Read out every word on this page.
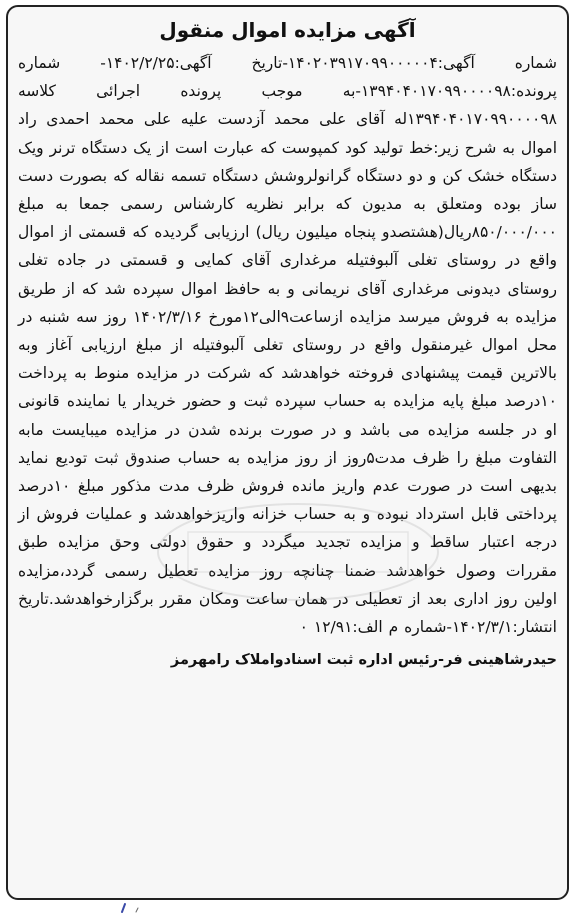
آگهی مزایده اموال منقول

شماره آگهی:۱۴۰۲۰۳۹۱۷۰۹۹۰۰۰۰۰۴-تاریخ آگهی:۱۴۰۲/۲/۲۵- شماره پرونده:۱۳۹۴۰۴۰۱۷۰۹۹۰۰۰۰۹۸-به موجب پرونده اجرائی کلاسه ۱۳۹۴۰۴۰۱۷۰۹۹۰۰۰۰۹۸له آقای علی محمد آزدست علیه علی محمد احمدی راد اموال به شرح زیر:خط تولید کود کمپوست که عبارت است از یک دستگاه ترنر ویک دستگاه خشک کن و دو دستگاه گرانولروشش دستگاه تسمه نقاله که بصورت دست ساز بوده ومتعلق به مدیون که برابر نظریه کارشناس رسمی جمعا به مبلغ ۸۵۰/۰۰۰/۰۰۰ریال(هشتصدو پنجاه میلیون ریال) ارزیابی گردیده که قسمتی از اموال واقع در روستای تغلی آلبوفتیله مرغداری آقای کمایی و قسمتی در جاده تغلی روستای دیدونی مرغداری آقای نریمانی و به حافظ اموال سپرده شد که از طریق مزایده به فروش میرسد مزایده ازساعت۹الی۱۲مورخ ۱۴۰۲/۳/۱۶ روز سه شنبه در محل اموال غیرمنقول واقع در روستای تغلی آلبوفتیله از مبلغ ارزیابی آغاز وبه بالاترین قیمت پیشنهادی فروخته خواهدشد که شرکت در مزایده منوط به پرداخت ۱۰درصد مبلغ پایه مزایده به حساب سپرده ثبت و حضور خریدار یا نماینده قانونی او در جلسه مزایده می باشد و در صورت برنده شدن در مزایده میبایست مابه التفاوت مبلغ را ظرف مدت۵روز از روز مزایده به حساب صندوق ثبت تودیع نماید بدیهی است در صورت عدم واریز مانده فروش ظرف مدت مذکور مبلغ ۱۰درصد پرداختی قابل استرداد نبوده و به حساب خزانه واریزخواهدشد و عملیات فروش از درجه اعتبار ساقط و مزایده تجدید میگردد و حقوق دولتی وحق مزایده طبق مقررات وصول خواهدشد ضمنا چنانچه روز مزایده تعطیل رسمی گردد،مزایده اولین روز اداری بعد از تعطیلی در همان ساعت ومکان مقرر برگزارخواهدشد.تاریخ انتشار:۱۴۰۲/۳/۱-شماره م الف:۱۲/۹۱ ٠

حیدرشاهینی فر-رئیس اداره ثبت اسنادواملاک رامهرمز
